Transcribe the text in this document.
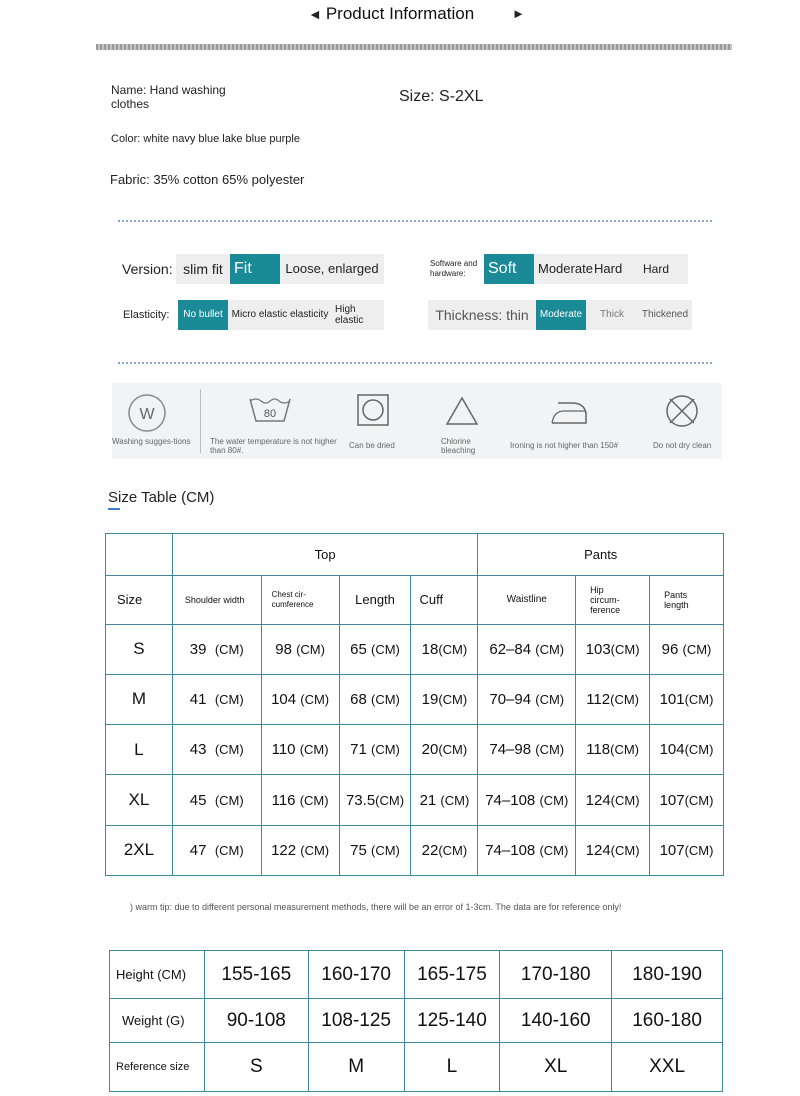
◄ Product Information	►
Name: Hand washing clothes	Size: S-2XL
Color: white navy blue lake blue purple
Fabric: 35% cotton 65% polyester
Version: slim fit Fit	Loose, enlarged	Software and hardware:	Soft	Moderate Hard	Hard
Elasticity:	No bullet Micro elastic elasticity High elastic	Thickness: thin	Moderate	Thick	Thickened
W
Washing sugges-tions
80
The water temperature is not higher than 80#.
Can be dried	Chlorine bleaching
Ironing is not higher than 150#	Do not dry clean
Size Table (CM)
	Top				Pants		
Size	Shoulder width	Chest cir-cumference	Length	Cuff	Waistline	Hip circum-ference	Pants length
S	39 (CM)	98 (CM)	65 (CM)	18(CM)	62–84 (CM)	103(CM)	96 (CM)
M	41 (CM)	104 (CM)	68 (CM)	19(CM)	70–94 (CM)	112(CM)	101(CM)
L	43 (CM)	110 (CM)	71 (CM)	20(CM)	74–98 (CM)	118(CM)	104(CM)
XL	45 (CM)	116 (CM)	73.5(CM)	21 (CM)	74–108 (CM)	124(CM)	107(CM)
2XL	47 (CM)	122 (CM)	75 (CM)	22(CM)	74–108 (CM)	124(CM)	107(CM)
) warm tip: due to different personal measurement methods, there will be an error of 1-3cm. The data are for reference only!
Height (CM)	155-165	160-170	165-175	170-180	180-190
Weight (G)	90-108	108-125	125-140	140-160	160-180
Reference size	S	M	L	XL	XXL
